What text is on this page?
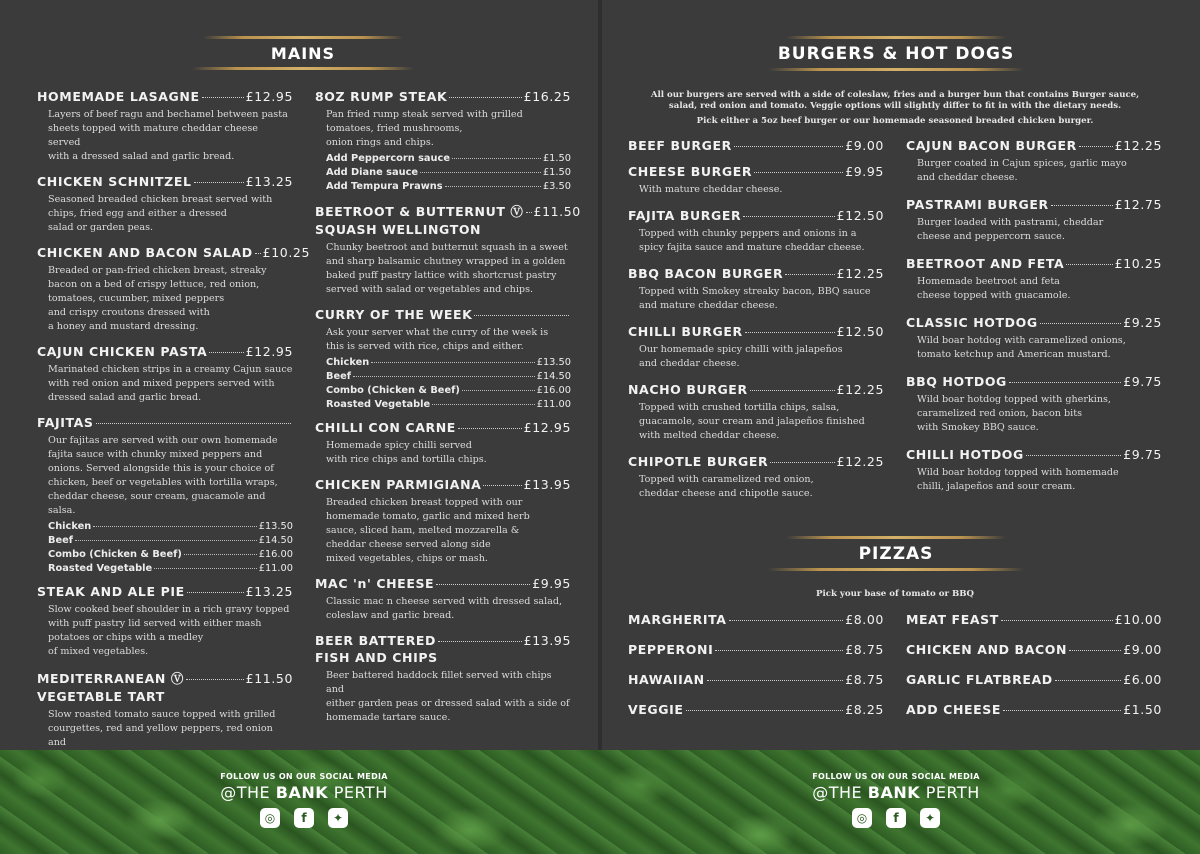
MAINS	BURGERS & HOT DOGS
All our burgers are served with a side of coleslaw, fries and a burger bun that contains Burger sauce,
salad, red onion and tomato. Veggie options will slightly differ to fit in with the dietary needs.
Pick either a 5oz beef burger or our homemade seasoned breaded chicken burger.
PIZZAS
Pick your base of tomato or BBQ
HOMEMADE LASAGNE	£12.95
Layers of beef ragu and bechamel between pasta
sheets topped with mature cheddar cheese served
with a dressed salad and garlic bread.
CHICKEN SCHNITZEL	£13.25
Seasoned breaded chicken breast served with
chips, fried egg and either a dressed
salad or garden peas.
CHICKEN AND BACON SALAD £10.25
Breaded or pan-fried chicken breast, streaky
bacon on a bed of crispy lettuce, red onion,
tomatoes, cucumber, mixed peppers
and crispy croutons dressed with
a honey and mustard dressing.
CAJUN CHICKEN PASTA	£12.95
Marinated chicken strips in a creamy Cajun sauce
with red onion and mixed peppers served with
dressed salad and garlic bread.
FAJITAS
Our fajitas are served with our own homemade
fajita sauce with chunky mixed peppers and
onions. Served alongside this is your choice of
chicken, beef or vegetables with tortilla wraps,
cheddar cheese, sour cream, guacamole and salsa.
Chicken	£13.50
Beef	£14.50
Combo (Chicken & Beef)	£16.00
Roasted Vegetable	£11.00
STEAK AND ALE PIE	£13.25
Slow cooked beef shoulder in a rich gravy topped
with puff pastry lid served with either mash
potatoes or chips with a medley
of mixed vegetables.
MEDITERRANEAN Ⓥ	£11.50
VEGETABLE TART
Slow roasted tomato sauce topped with grilled
courgettes, red and yellow peppers, red onion and
8OZ RUMP STEAK	£16.25
Pan fried rump steak served with grilled
tomatoes, fried mushrooms,
onion rings and chips.
Add Peppercorn sauce	£1.50
Add Diane sauce	£1.50
Add Tempura Prawns	£3.50
BEETROOT & BUTTERNUT Ⓥ £11.50
SQUASH WELLINGTON
Chunky beetroot and butternut squash in a sweet
and sharp balsamic chutney wrapped in a golden
baked puff pastry lattice with shortcrust pastry
served with salad or vegetables and chips.
CURRY OF THE WEEK
Ask your server what the curry of the week is
this is served with rice, chips and either.
Chicken	£13.50
Beef	£14.50
Combo (Chicken & Beef)	£16.00
Roasted Vegetable	£11.00
CHILLI CON CARNE	£12.95
Homemade spicy chilli served
with rice chips and tortilla chips.
CHICKEN PARMIGIANA	£13.95
Breaded chicken breast topped with our
homemade tomato, garlic and mixed herb
sauce, sliced ham, melted mozzarella &
cheddar cheese served along side
mixed vegetables, chips or mash.
MAC 'n' CHEESE	£9.95
Classic mac n cheese served with dressed salad,
coleslaw and garlic bread.
BEER BATTERED	£13.95
FISH AND CHIPS
Beer battered haddock fillet served with chips and
either garden peas or dressed salad with a side of
homemade tartare sauce.
BEEF BURGER	£9.00
CHEESE BURGER	£9.95
With mature cheddar cheese.
FAJITA BURGER	£12.50
Topped with chunky peppers and onions in a
spicy fajita sauce and mature cheddar cheese.
BBQ BACON BURGER	£12.25
Topped with Smokey streaky bacon, BBQ sauce
and mature cheddar cheese.
CHILLI BURGER	£12.50
Our homemade spicy chilli with jalapeños
and cheddar cheese.
NACHO BURGER	£12.25
Topped with crushed tortilla chips, salsa,
guacamole, sour cream and jalapeños finished
with melted cheddar cheese.
CHIPOTLE BURGER	£12.25
Topped with caramelized red onion,
cheddar cheese and chipotle sauce.
CAJUN BACON BURGER	£12.25
Burger coated in Cajun spices, garlic mayo
and cheddar cheese.
PASTRAMI BURGER	£12.75
Burger loaded with pastrami, cheddar
cheese and peppercorn sauce.
BEETROOT AND FETA	£10.25
Homemade beetroot and feta
cheese topped with guacamole.
CLASSIC HOTDOG	£9.25
Wild boar hotdog with caramelized onions,
tomato ketchup and American mustard.
BBQ HOTDOG	£9.75
Wild boar hotdog topped with gherkins,
caramelized red onion, bacon bits
with Smokey BBQ sauce.
CHILLI HOTDOG	£9.75
Wild boar hotdog topped with homemade
chilli, jalapeños and sour cream.
MARGHERITA	£8.00
PEPPERONI	£8.75
HAWAIIAN	£8.75
VEGGIE	£8.25
MEAT FEAST	£10.00
CHICKEN AND BACON	£9.00
GARLIC FLATBREAD	£6.00
ADD CHEESE	£1.50
FOLLOW US ON OUR SOCIAL MEDIA
@THE BANK PERTH
◎	f	✦
FOLLOW US ON OUR SOCIAL MEDIA
@THE BANK PERTH
◎	f	✦
